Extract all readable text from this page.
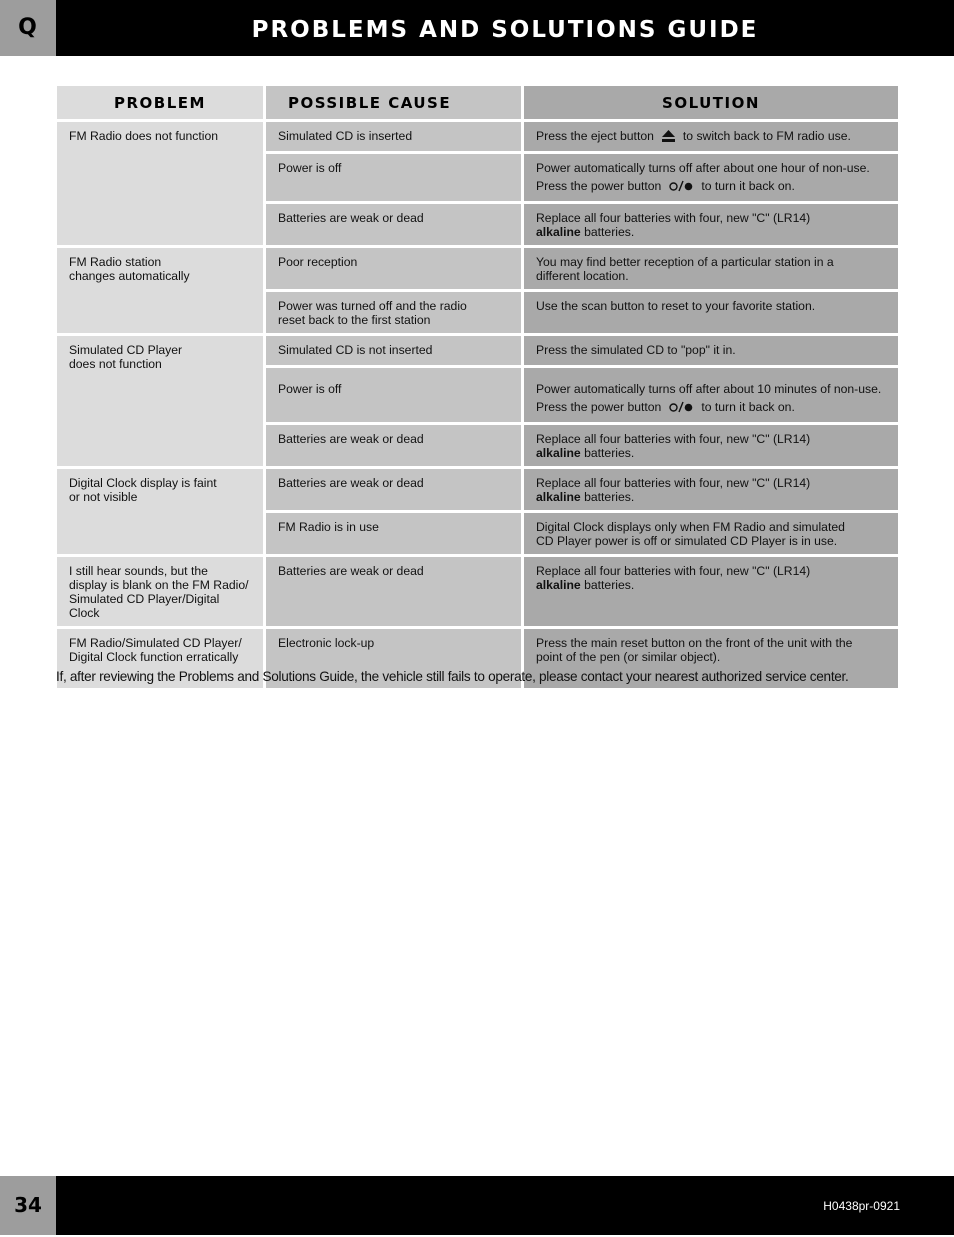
Q	PROBLEMS AND SOLUTIONS GUIDE
PROBLEM	POSSIBLE CAUSE	SOLUTION
FM Radio does not function	Simulated CD is inserted	Press the eject button to switch back to FM radio use.
	Power is off	Power automatically turns off after about one hour of non-use.
Press the power button to turn it back on.

	Batteries are weak or dead	Replace all four batteries with four, new "C" (LR14)
alkaline batteries.
FM Radio station
changes automatically	Poor reception	You may find better reception of a particular station in a
different location.
	Power was turned off and the radio
reset back to the first station	Use the scan button to reset to your favorite station.
Simulated CD Player
does not function	Simulated CD is not inserted	Press the simulated CD to "pop" it in.
	Power is off	Power automatically turns off after about 10 minutes of non-use.
Press the power button to turn it back on.

	Batteries are weak or dead	Replace all four batteries with four, new "C" (LR14)
alkaline batteries.
Digital Clock display is faint
or not visible	Batteries are weak or dead	Replace all four batteries with four, new "C" (LR14)
alkaline batteries.
	FM Radio is in use	Digital Clock displays only when FM Radio and simulated
CD Player power is off or simulated CD Player is in use.
I still hear sounds, but the
display is blank on the FM Radio/
Simulated CD Player/Digital Clock	Batteries are weak or dead	Replace all four batteries with four, new "C" (LR14)
alkaline batteries.
FM Radio/Simulated CD Player/
Digital Clock function erratically	Electronic lock-up	Press the main reset button on the front of the unit with the
point of the pen (or similar object).
If, after reviewing the Problems and Solutions Guide, the vehicle still fails to operate, please contact your nearest authorized service center.
34	H0438pr-0921
